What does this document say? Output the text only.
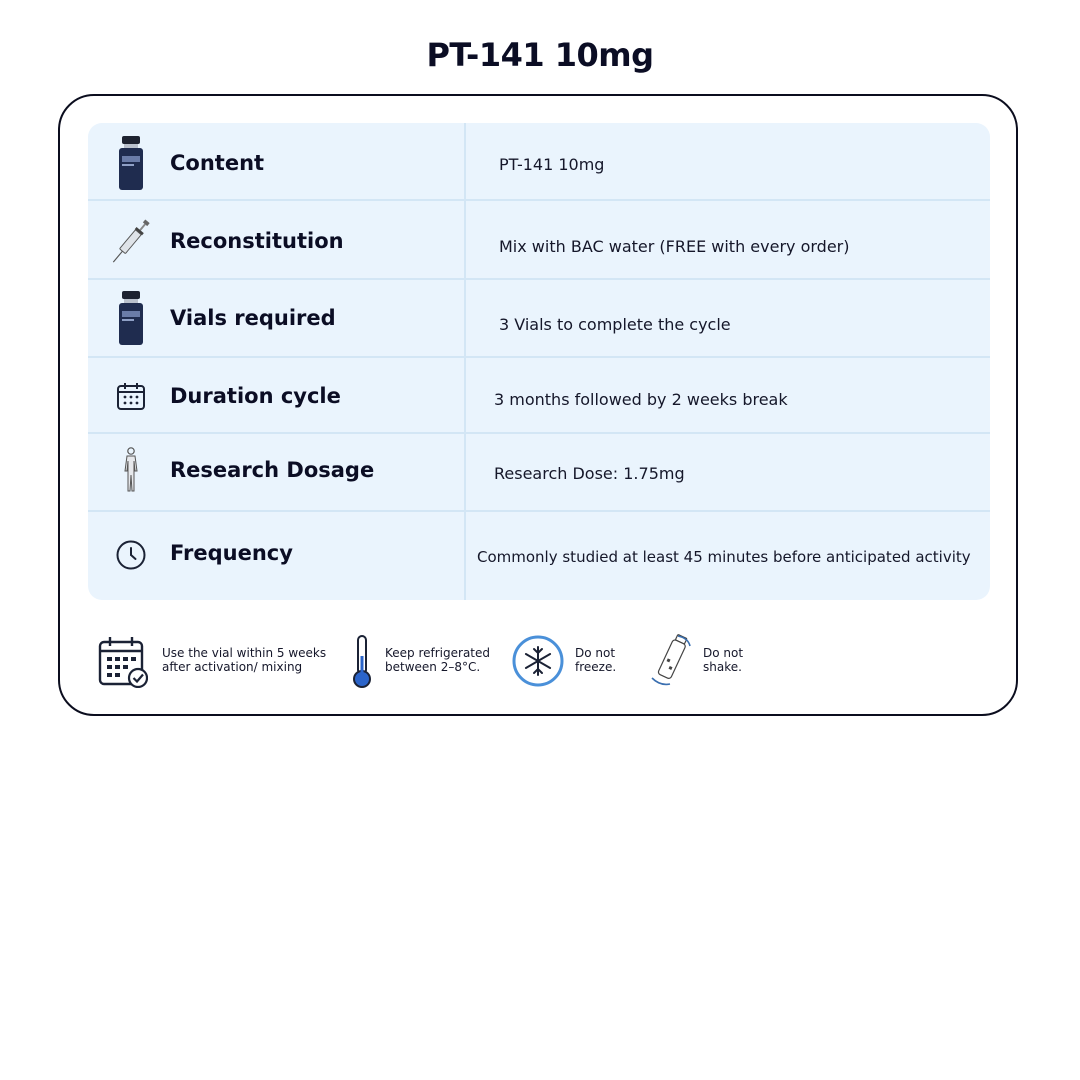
PT-141 10mg
Content	PT-141 10mg
Reconstitution	Mix with BAC water (FREE with every order)
Vials required	3 Vials to complete the cycle
Duration cycle	3 months followed by 2 weeks break
Research Dosage	Research Dose: 1.75mg
Frequency	Commonly studied at least 45 minutes before anticipated activity
Use the vial within 5 weeks
after activation/ mixing
Keep refrigerated
between 2–8°C.
Do not
freeze.
Do not
shake.
